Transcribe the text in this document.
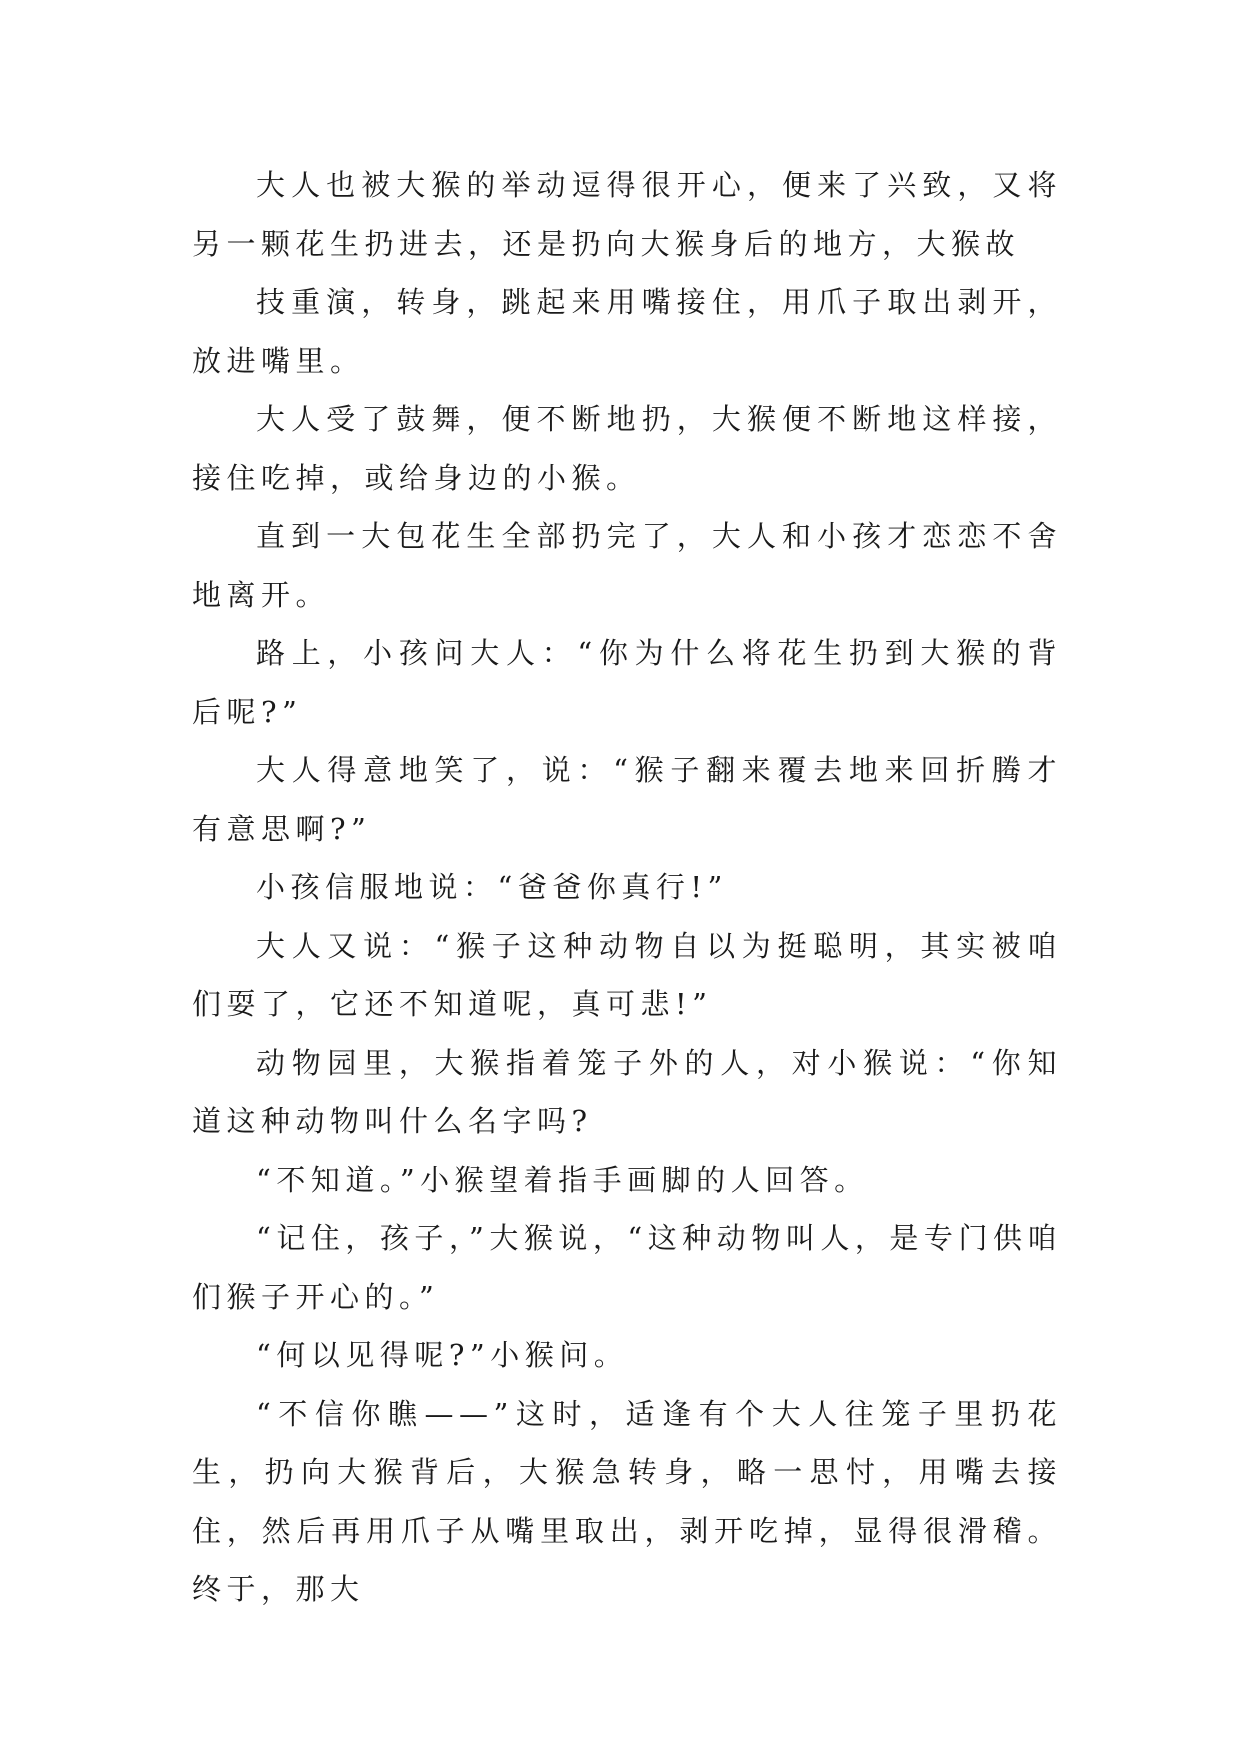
大人也被大猴的举动逗得很开心，便来了兴致，又将另一颗花生扔进去，还是扔向大猴身后的地方，大猴故

技重演，转身，跳起来用嘴接住，用爪子取出剥开，放进嘴里。

大人受了鼓舞，便不断地扔，大猴便不断地这样接，接住吃掉，或给身边的小猴。

直到一大包花生全部扔完了，大人和小孩才恋恋不舍地离开。

路上，小孩问大人：“你为什么将花生扔到大猴的背后呢?”

大人得意地笑了，说：“猴子翻来覆去地来回折腾才有意思啊?”

小孩信服地说：“爸爸你真行!”

大人又说：“猴子这种动物自以为挺聪明，其实被咱们耍了，它还不知道呢，真可悲!”

动物园里，大猴指着笼子外的人，对小猴说：“你知道这种动物叫什么名字吗?

“不知道。”小猴望着指手画脚的人回答。

“记住，孩子，”大猴说，“这种动物叫人，是专门供咱们猴子开心的。”

“何以见得呢?”小猴问。

“不信你瞧——”这时，适逢有个大人往笼子里扔花生，扔向大猴背后，大猴急转身，略一思忖，用嘴去接住，然后再用爪子从嘴里取出，剥开吃掉，显得很滑稽。终于，那大
